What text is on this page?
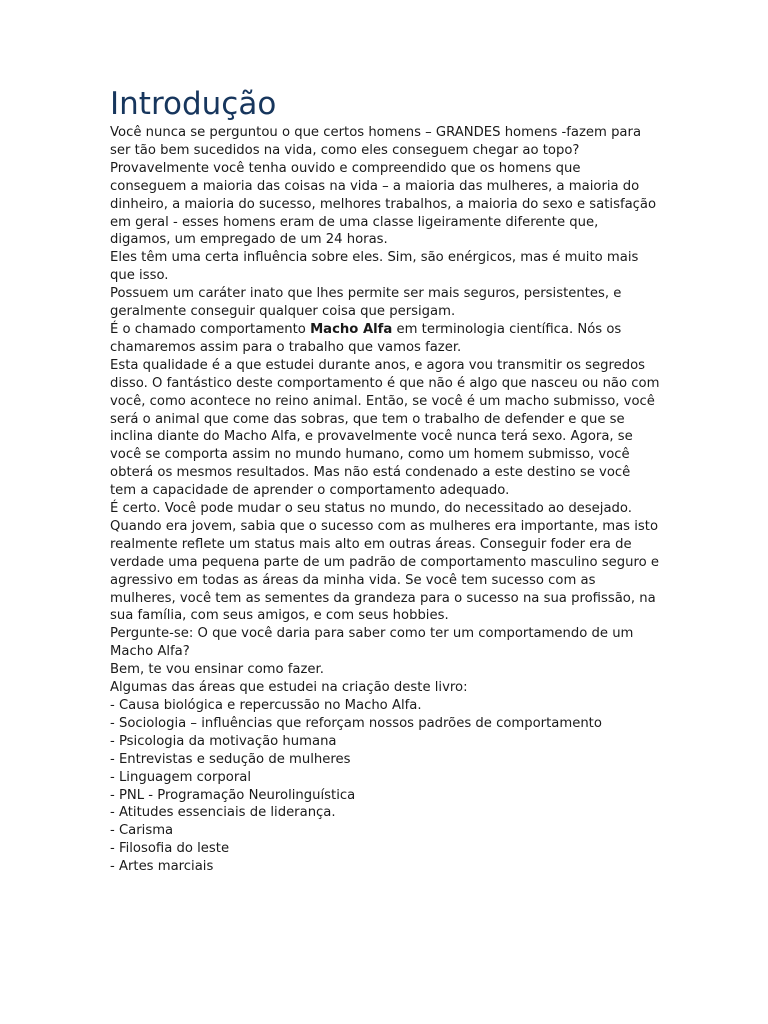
Introdução

Você nunca se perguntou o que certos homens – GRANDES homens -fazem para ser tão bem sucedidos na vida, como eles conseguem chegar ao topo?

Provavelmente você tenha ouvido e compreendido que os homens que conseguem a maioria das coisas na vida – a maioria das mulheres, a maioria do dinheiro, a maioria do sucesso, melhores trabalhos, a maioria do sexo e satisfação em geral - esses homens eram de uma classe ligeiramente diferente que, digamos, um empregado de um 24 horas.

Eles têm uma certa influência sobre eles. Sim, são enérgicos, mas é muito mais que isso.

Possuem um caráter inato que lhes permite ser mais seguros, persistentes, e geralmente conseguir qualquer coisa que persigam.

É o chamado comportamento Macho Alfa em terminologia científica. Nós os chamaremos assim para o trabalho que vamos fazer.

Esta qualidade é a que estudei durante anos, e agora vou transmitir os segredos disso. O fantástico deste comportamento é que não é algo que nasceu ou não com você, como acontece no reino animal. Então, se você é um macho submisso, você será o animal que come das sobras, que tem o trabalho de defender e que se inclina diante do Macho Alfa, e provavelmente você nunca terá sexo. Agora, se você se comporta assim no mundo humano, como um homem submisso, você obterá os mesmos resultados. Mas não está condenado a este destino se você tem a capacidade de aprender o comportamento adequado.

É certo. Você pode mudar o seu status no mundo, do necessitado ao desejado.

Quando era jovem, sabia que o sucesso com as mulheres era importante, mas isto realmente reflete um status mais alto em outras áreas. Conseguir foder era de verdade uma pequena parte de um padrão de comportamento masculino seguro e agressivo em todas as áreas da minha vida. Se você tem sucesso com as mulheres, você tem as sementes da grandeza para o sucesso na sua profissão, na sua família, com seus amigos, e com seus hobbies.

Pergunte-se: O que você daria para saber como ter um comportamendo de um Macho Alfa?

Bem, te vou ensinar como fazer.

Algumas das áreas que estudei na criação deste livro:

- Causa biológica e repercussão no Macho Alfa.

- Sociologia – influências que reforçam nossos padrões de comportamento

- Psicologia da motivação humana

- Entrevistas e sedução de mulheres

- Linguagem corporal

- PNL - Programação Neurolinguística

- Atitudes essenciais de liderança.

- Carisma

- Filosofia do leste

- Artes marciais
